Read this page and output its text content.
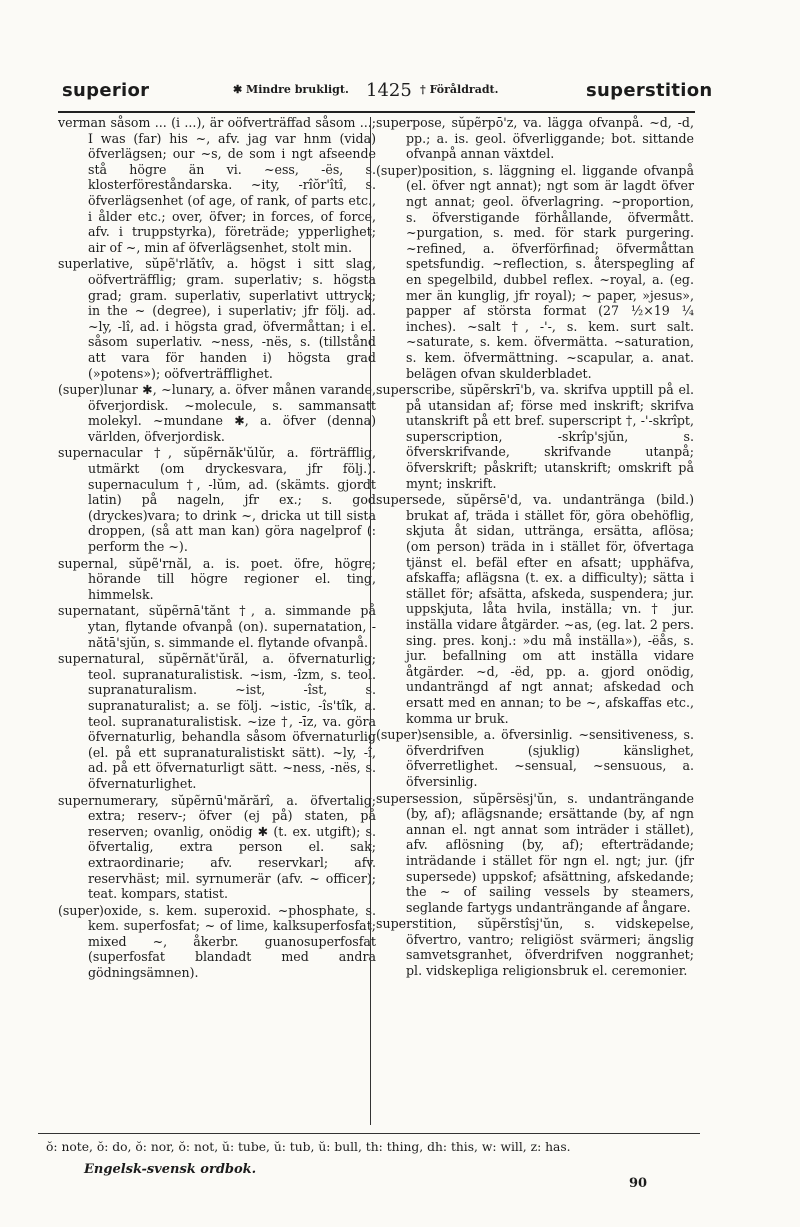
superior	✱ Mindre brukligt. 1425 † Föråldradt.	superstition

verman såsom ... (i ...), är oöfverträffad såsom ...; I was (far) his ~, afv. jag var hnm (vida) öfverlägsen; our ~s, de som i ngt afseende stå högre än vi. ~ess, -ës, s. klosterföreståndarska. ~ity, -rîŏr'îtî, s. öfverlägsenhet (of age, of rank, of parts etc., i ålder etc.; over, öfver; in forces, of force, afv. i truppstyrka), företräde; ypperlighet; air of ~, min af öfverlägsenhet, stolt min.

superlative, sŭpẽ'rlătîv, a. högst i sitt slag, oöfverträfflig; gram. superlativ; s. högsta grad; gram. superlativ, superlativt uttryck; in the ~ (degree), i superlativ; jfr följ. ad. ~ly, -lî, ad. i högsta grad, öfvermåttan; i el. såsom superlativ. ~ness, -nës, s. (tillstånd att vara för handen i) högsta grad (»potens»); oöfverträfflighet.

(super)lunar ✱, ~lunary, a. öfver månen varande, öfverjordisk. ~molecule, s. sammansatt molekyl. ~mundane ✱, a. öfver (denna) världen, öfverjordisk.

supernacular †, sŭpẽrnăk'ŭlŭr, a. förträfflig, utmärkt (om dryckesvara, jfr följ.). supernaculum †, -lŭm, ad. (skämts. gjordt latin) på nageln, jfr ex.; s. god (dryckes)vara; to drink ~, dricka ut till sista droppen, (så att man kan) göra nagelprof (: perform the ~).

supernal, sŭpẽ'rnăl, a. is. poet. öfre, högre; hörande till högre regioner el. ting, himmelsk.

supernatant, sŭpẽrnā'tănt †, a. simmande på ytan, flytande ofvanpå (on). supernatation, -nătā'sjŭn, s. simmande el. flytande ofvanpå.

supernatural, sŭpẽrnăt'ŭrăl, a. öfvernaturlig; teol. supranaturalistisk. ~ism, -îzm, s. teol. supranaturalism. ~ist, -îst, s. supranaturalist; a. se följ. ~istic, -îs'tîk, a. teol. supranaturalistisk. ~ize †, -īz, va. göra öfvernaturlig, behandla såsom öfvernaturlig (el. på ett supranaturalistiskt sätt). ~ly, -î, ad. på ett öfvernaturligt sätt. ~ness, -nës, s. öfvernaturlighet.

supernumerary, sŭpẽrnū'mărărî, a. öfvertalig; extra; reserv-; öfver (ej på) staten, på reserven; ovanlig, onödig ✱ (t. ex. utgift); s. öfvertalig, extra person el. sak; extraordinarie; afv. reservkarl; afv. reservhäst; mil. syrnumerär (afv. ~ officer); teat. kompars, statist.

(super)oxide, s. kem. superoxid. ~phosphate, s. kem. superfosfat; ~ of lime, kalksuperfosfat; mixed ~, åkerbr. guanosuperfosfat (superfosfat blandadt med andra gödningsämnen).

superpose, sŭpẽrpō'z, va. lägga ofvanpå. ~d, -d, pp.; a. is. geol. öfverliggande; bot. sittande ofvanpå annan växtdel.

(super)position, s. läggning el. liggande ofvanpå (el. öfver ngt annat); ngt som är lagdt öfver ngt annat; geol. öfverlagring. ~proportion, s. öfverstigande förhållande, öfvermått. ~purgation, s. med. för stark purgering. ~refined, a. öfverförfinad; öfvermåttan spetsfundig. ~reflection, s. återspegling af en spegelbild, dubbel reflex. ~royal, a. (eg. mer än kunglig, jfr royal); ~ paper, »jesus», papper af största format (27 ½×19 ¼ inches). ~salt †, -'-, s. kem. surt salt. ~saturate, s. kem. öfvermätta. ~saturation, s. kem. öfvermättning. ~scapular, a. anat. belägen ofvan skulderbladet.

superscribe, sŭpẽrskrī'b, va. skrifva upptill på el. på utansidan af; förse med inskrift; skrifva utanskrift på ett bref. superscript †, -'-skrîpt, superscription, -skrîp'sjŭn, s. öfverskrifvande, skrifvande utanpå; öfverskrift; påskrift; utanskrift; omskrift på mynt; inskrift.

supersede, sŭpẽrsē'd, va. undantränga (bild.) brukat af, träda i stället för, göra obehöflig, skjuta åt sidan, uttränga, ersätta, aflösa; (om person) träda in i stället för, öfvertaga tjänst el. befäl efter en afsatt; upphäfva, afskaffa; aflägsna (t. ex. a difficulty); sätta i stället för; afsätta, afskeda, suspendera; jur. uppskjuta, låta hvila, inställa; vn. † jur. inställa vidare åtgärder. ~as, (eg. lat. 2 pers. sing. pres. konj.: »du må inställa»), -ëås, s. jur. befallning om att inställa vidare åtgärder. ~d, -ëd, pp. a. gjord onödig, undanträngd af ngt annat; afskedad och ersatt med en annan; to be ~, afskaffas etc., komma ur bruk.

(super)sensible, a. öfversinlig. ~sensitiveness, s. öfverdrifven (sjuklig) känslighet, öfverretlighet. ~sensual, ~sensuous, a. öfversinlig.

supersession, sŭpẽrsësj'ŭn, s. undanträngande (by, af); aflägsnande; ersättande (by, af ngn annan el. ngt annat som inträder i stället), afv. aflösning (by, af); efterträdande; inträdande i stället för ngn el. ngt; jur. (jfr supersede) uppskof; afsättning, afskedande; the ~ of sailing vessels by steamers, seglande fartygs undanträngande af ångare.

superstition, sŭpẽrstîsj'ŭn, s. vidskepelse, öfvertro, vantro; religiöst svärmeri; ängslig samvetsgranhet, öfverdrifven noggranhet; pl. vidskepliga religionsbruk el. ceremonier.

ŏ: note, ŏ: do, ŏ: nor, ŏ: not, ŭ: tube, ŭ: tub, ŭ: bull, th: thing, dh: this, w: will, z: has.
Engelsk-svensk ordbok.
90
